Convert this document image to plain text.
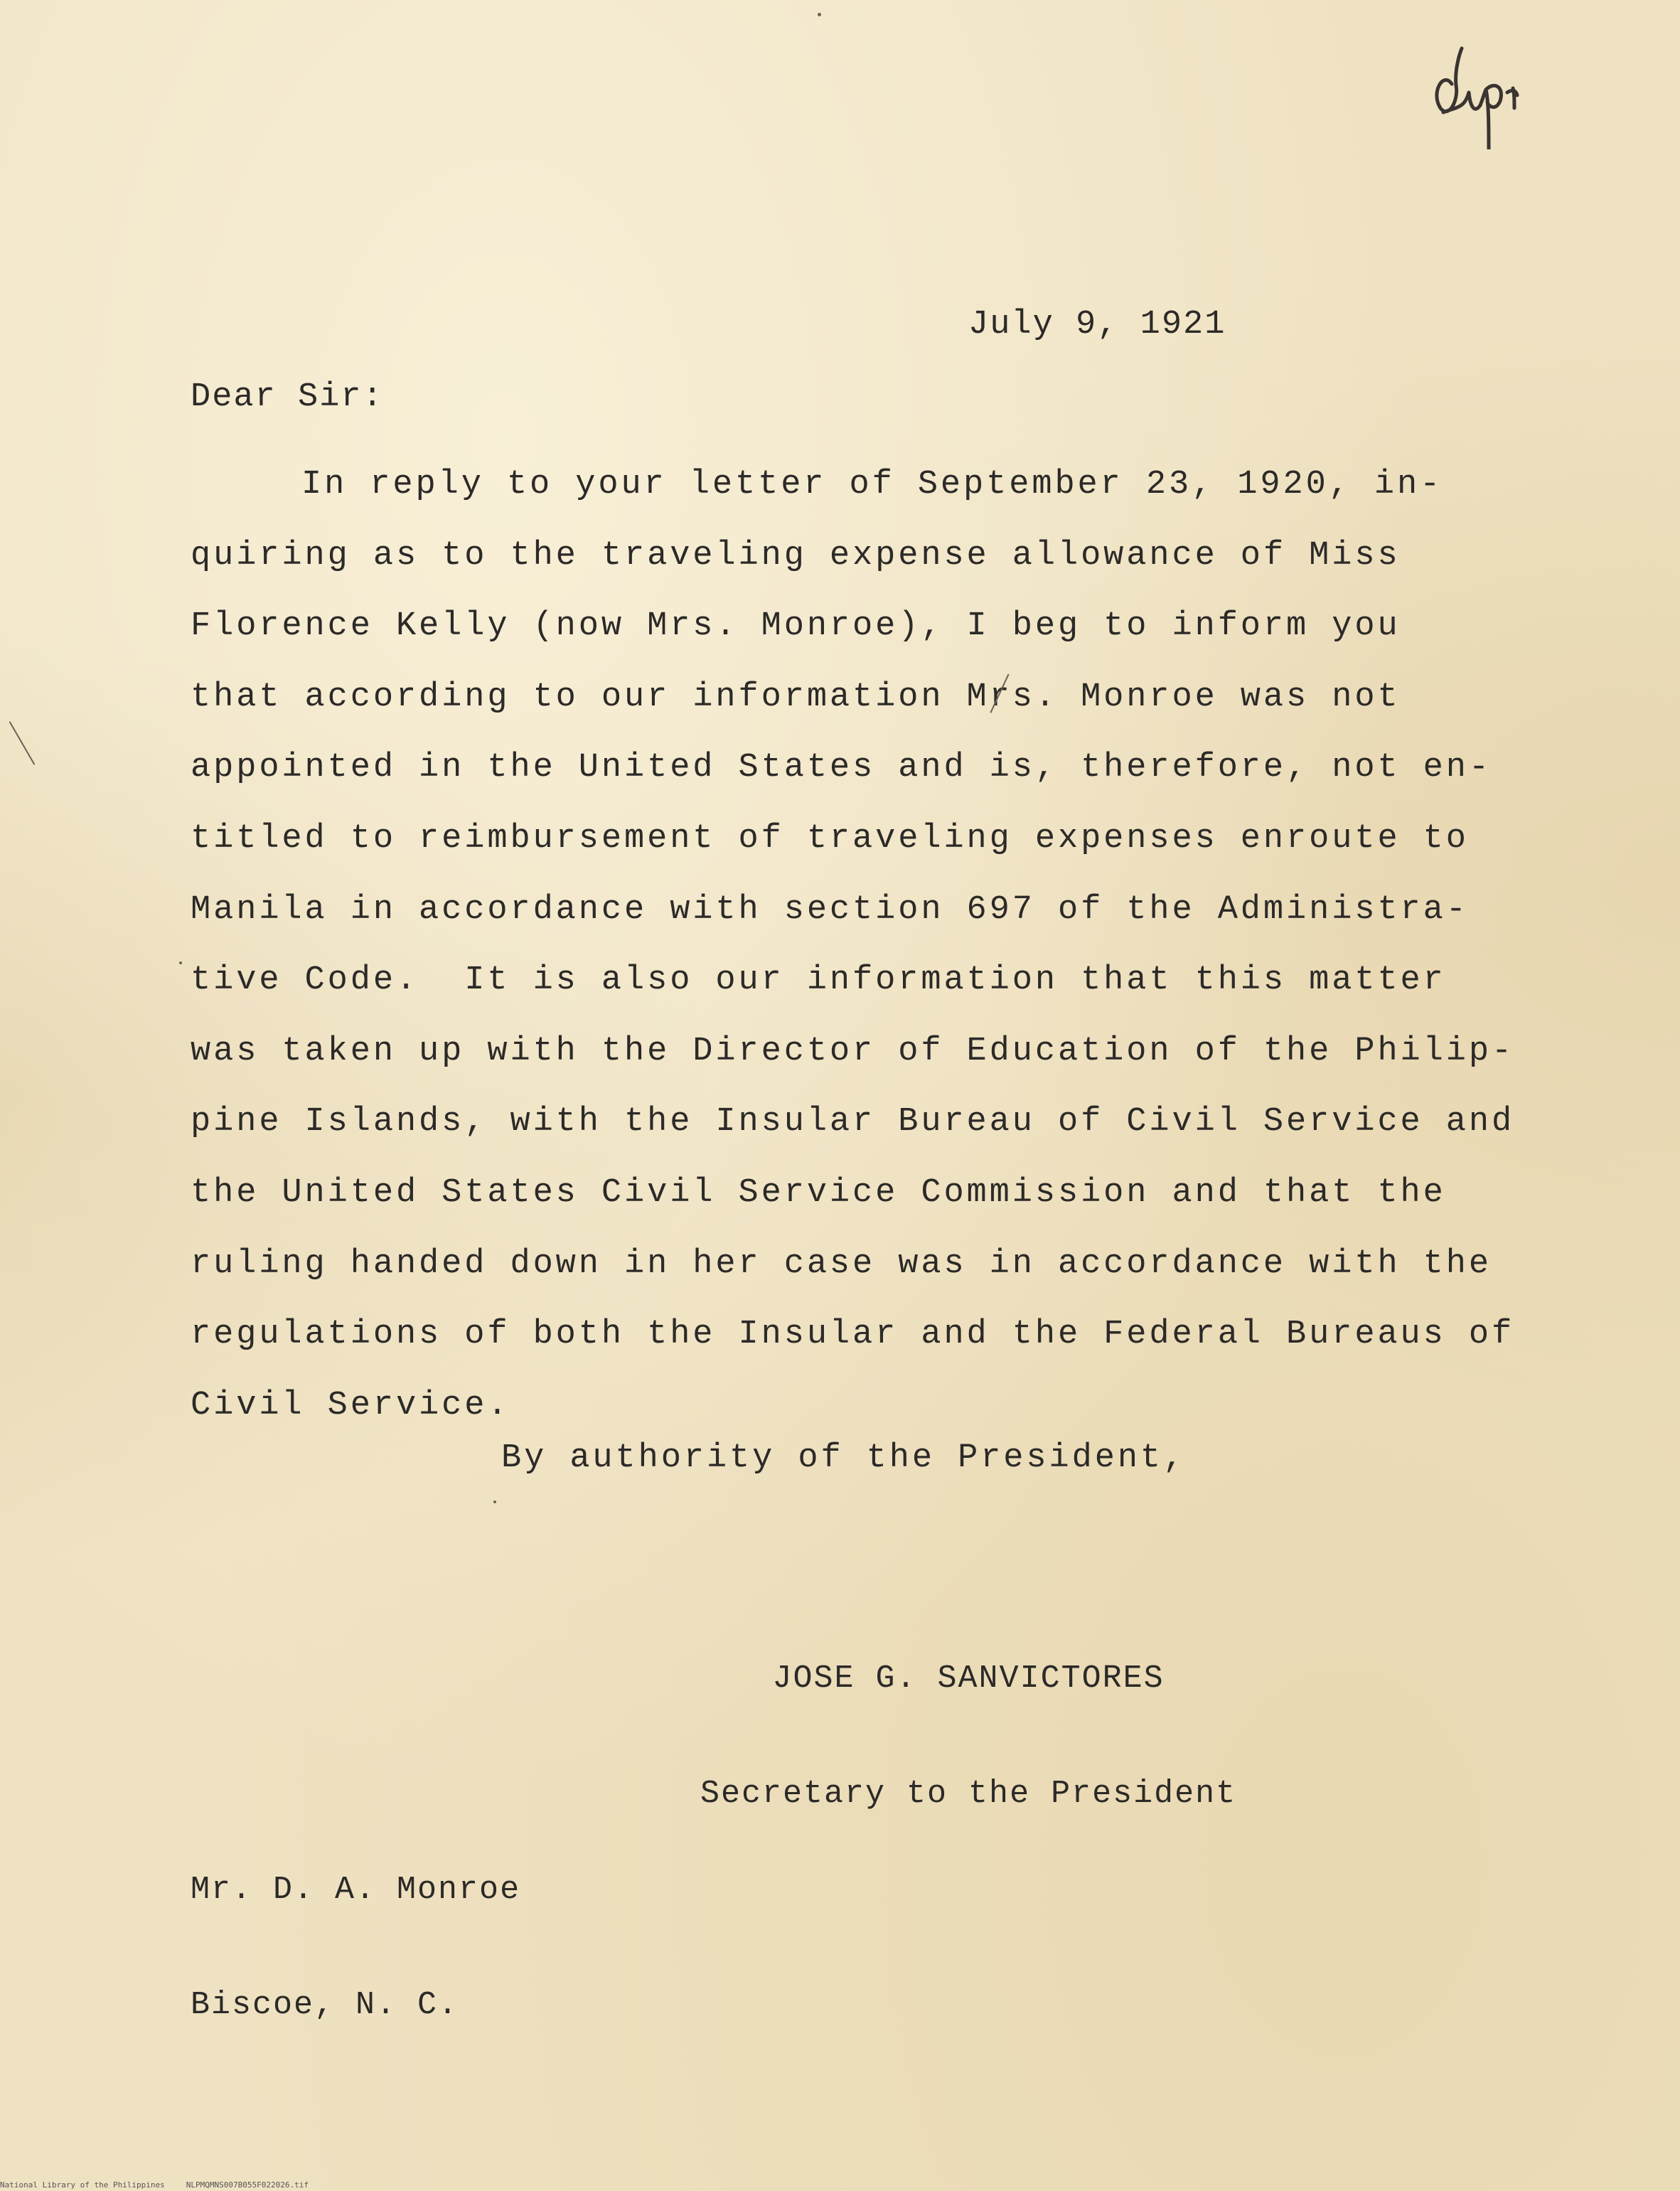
July 9, 1921
Dear Sir:
In reply to your letter of September 23, 1920, in-
quiring as to the traveling expense allowance of Miss
Florence Kelly (now Mrs. Monroe), I beg to inform you
that according to our information Mrs. Monroe was not
appointed in the United States and is, therefore, not en-
titled to reimbursement of traveling expenses enroute to
Manila in accordance with section 697 of the Administra-
tive Code.  It is also our information that this matter
was taken up with the Director of Education of the Philip-
pine Islands, with the Insular Bureau of Civil Service and
the United States Civil Service Commission and that the
ruling handed down in her case was in accordance with the
regulations of both the Insular and the Federal Bureaus of
Civil Service.
By authority of the President,

JOSE G. SANVICTORES

Secretary to the President

Mr. D. A. Monroe

Biscoe, N. C.

National Library of the Philippines	NLPMQMNS007B055F022026.tif
